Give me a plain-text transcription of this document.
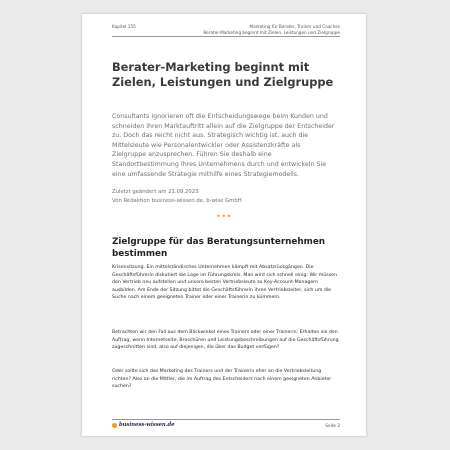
Kapitel 155	Marketing für Berater, Trainer und Coaches
Berater-Marketing beginnt mit Zielen, Leistungen und Zielgruppe
Berater-Marketing beginnt mit Zielen, Leistungen und Zielgruppe

Consultants ignorieren oft die Entscheidungswege beim Kunden und schneiden ihren Marktauftritt allein auf die Zielgruppe der Entscheider zu. Doch das reicht nicht aus. Strategisch wichtig ist, auch die Mittelsleute wie Personalentwickler oder Assistenzkräfte als Zielgruppe anzusprechen. Führen Sie deshalb eine Standortbestimmung Ihres Unternehmens durch und entwickeln Sie eine umfassende Strategie mithilfe eines Strategiemodells.

Zuletzt geändert am 21.09.2023
Von Redaktion business-wissen.de, b-wise GmbH
•••
Zielgruppe für das Beratungsunternehmen bestimmen

Krisensitzung. Ein mittelständisches Unternehmen kämpft mit Absatzrückgängen. Die Geschäftsführerin diskutiert die Lage im Führungskreis. Man wird sich schnell einig: Wir müssen den Vertrieb neu aufstellen und unsere besten Vertriebsleute zu Key-Account-Managern ausbilden. Am Ende der Sitzung bittet die Geschäftsführerin ihren Vertriebsleiter, sich um die Suche nach einem geeigneten Trainer oder einer Trainerin zu kümmern.

Betrachten wir den Fall aus dem Blickwinkel eines Trainers oder einer Trainerin: Erhalten sie den Auftrag, wenn Internetseite, Broschüren und Leistungsbeschreibungen auf die Geschäftsführung zugeschnitten sind, also auf diejenigen, die über das Budget verfügen?

Oder sollte sich das Marketing des Trainers und der Trainerin eher an die Vertriebsleitung richten? Also an die Mittler, die im Auftrag des Entscheiders nach einem geeigneten Anbieter suchen?

business-wissen.de	Seite 2
